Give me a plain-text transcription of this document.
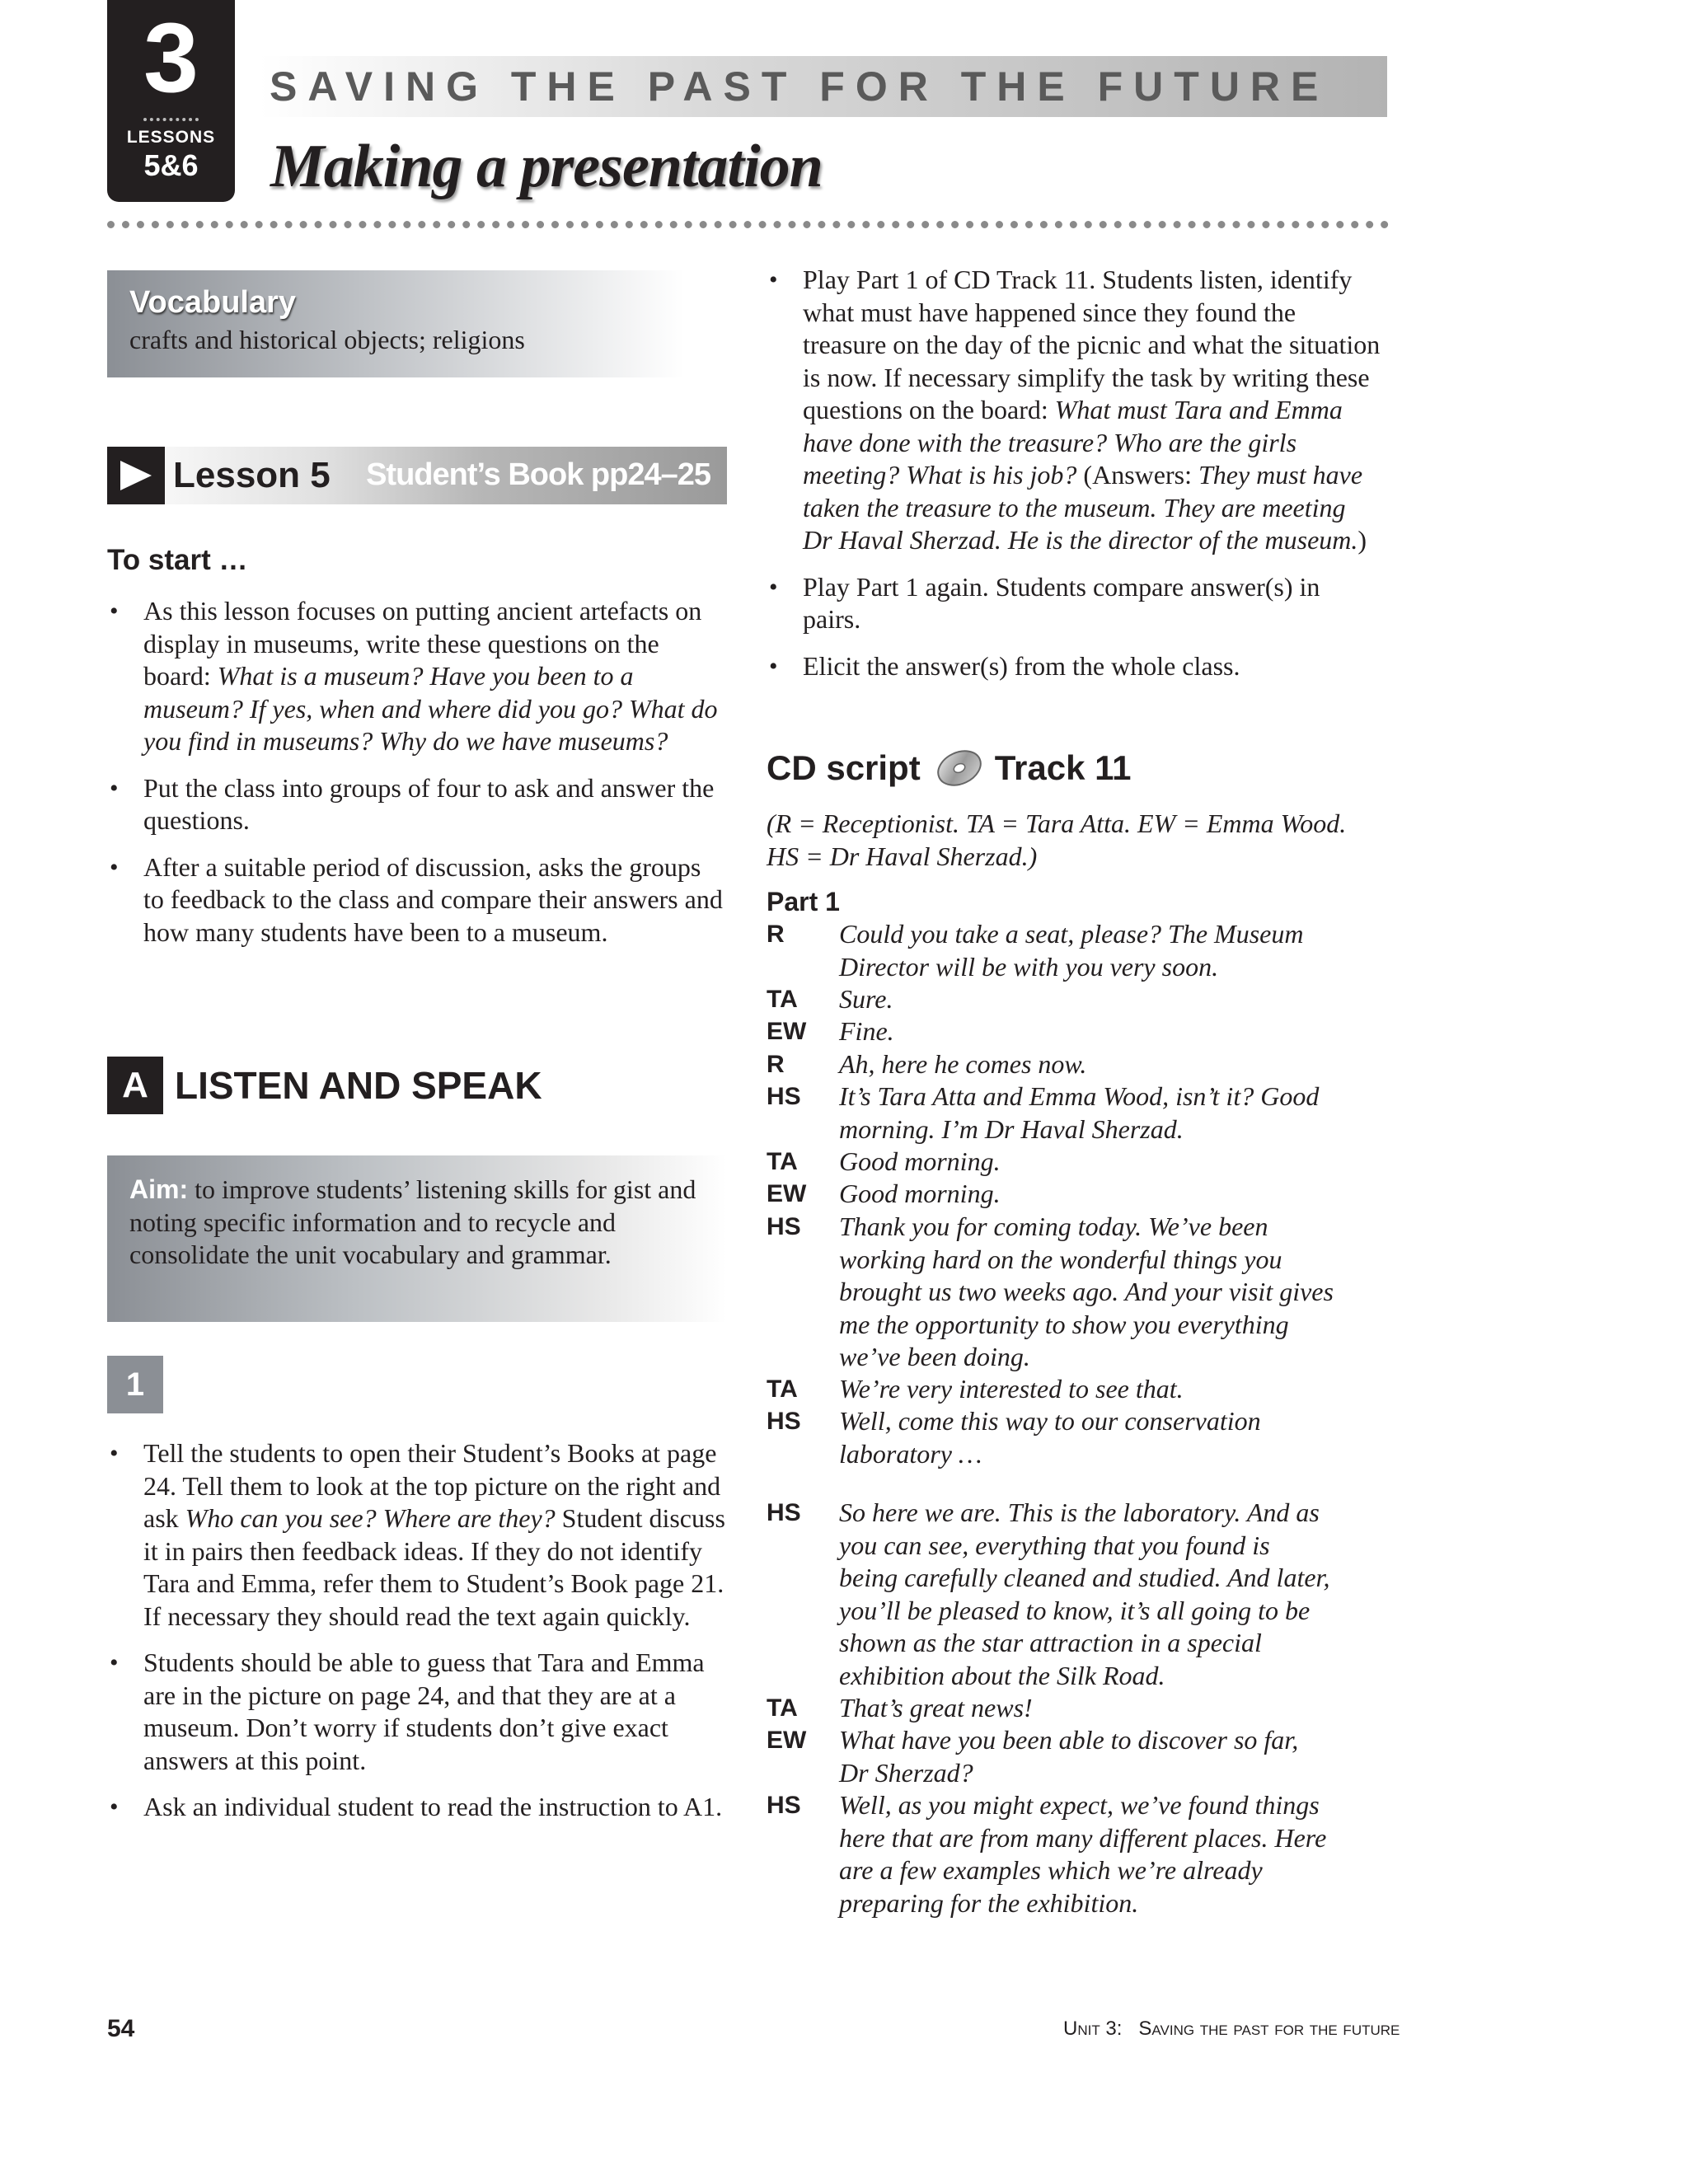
3
LESSONS
5&6
SAVING THE PAST FOR THE FUTURE
Making a presentation
Vocabulary
crafts and historical objects; religions
Lesson 5 Student’s Book pp24–25
To start …
• As this lesson focuses on putting ancient artefacts on display in museums, write these questions on the board: What is a museum? Have you been to a museum? If yes, when and where did you go? What do you find in museums? Why do we have museums?
• Put the class into groups of four to ask and answer the questions.
• After a suitable period of discussion, asks the groups to feedback to the class and compare their answers and how many students have been to a museum.
A LISTEN AND SPEAK
Aim: to improve students’ listening skills for gist and noting specific information and to recycle and consolidate the unit vocabulary and grammar.
1
• Tell the students to open their Student’s Books at page 24. Tell them to look at the top picture on the right and ask Who can you see? Where are they? Student discuss it in pairs then feedback ideas. If they do not identify Tara and Emma, refer them to Student’s Book page 21. If necessary they should read the text again quickly.
• Students should be able to guess that Tara and Emma are in the picture on page 24, and that they are at a museum. Don’t worry if students don’t give exact answers at this point.
• Ask an individual student to read the instruction to A1.
• Play Part 1 of CD Track 11. Students listen, identify what must have happened since they found the treasure on the day of the picnic and what the situation is now. If necessary simplify the task by writing these questions on the board: What must Tara and Emma have done with the treasure? Who are the girls meeting? What is his job? (Answers: They must have taken the treasure to the museum. They are meeting Dr Haval Sherzad. He is the director of the museum.)
• Play Part 1 again. Students compare answer(s) in pairs.
• Elicit the answer(s) from the whole class.
CD script Track 11
(R = Receptionist. TA = Tara Atta. EW = Emma Wood. HS = Dr Haval Sherzad.)
Part 1
R Could you take a seat, please? The Museum Director will be with you very soon.
TA Sure.
EW Fine.
R Ah, here he comes now.
HS It’s Tara Atta and Emma Wood, isn’t it? Good morning. I’m Dr Haval Sherzad.
TA Good morning.
EW Good morning.
HS Thank you for coming today. We’ve been working hard on the wonderful things you brought us two weeks ago. And your visit gives me the opportunity to show you everything we’ve been doing.
TA We’re very interested to see that.
HS Well, come this way to our conservation laboratory …
HS So here we are. This is the laboratory. And as you can see, everything that you found is being carefully cleaned and studied. And later, you’ll be pleased to know, it’s all going to be shown as the star attraction in a special exhibition about the Silk Road.
TA That’s great news!
EW What have you been able to discover so far, Dr Sherzad?
HS Well, as you might expect, we’ve found things here that are from many different places. Here are a few examples which we’re already preparing for the exhibition.
54	Unit 3: Saving the past for the future
